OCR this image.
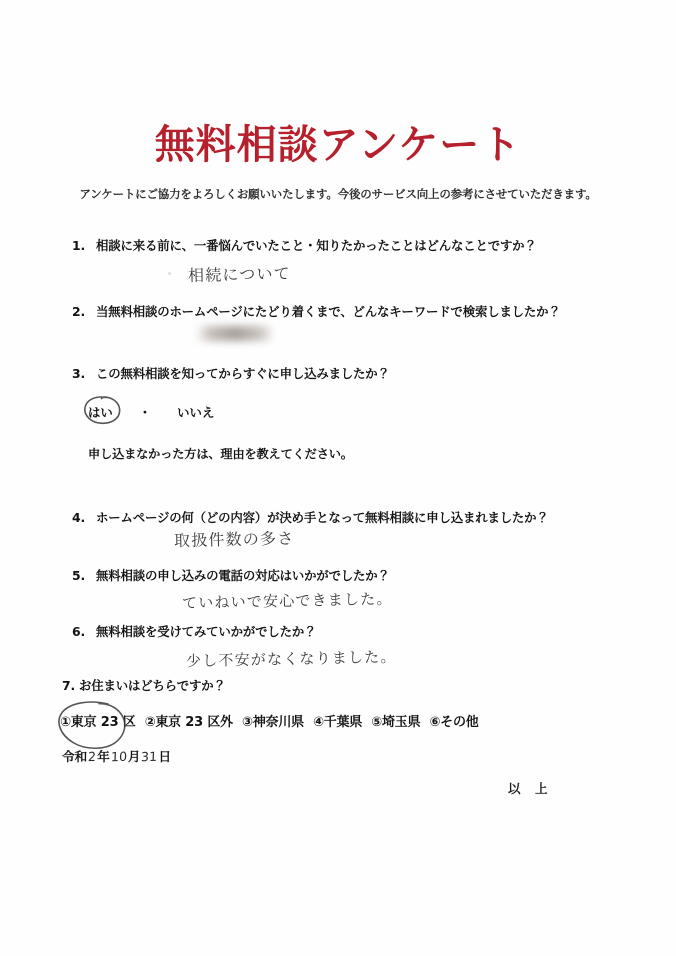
無料相談アンケート
アンケートにご協力をよろしくお願いいたします。今後のサービス向上の参考にさせていただきます。
1. 相談に来る前に、一番悩んでいたこと・知りたかったことはどんなことですか？
相続について
2. 当無料相談のホームページにたどり着くまで、どんなキーワードで検索しましたか？
3. この無料相談を知ってからすぐに申し込みましたか？
はい ・ いいえ
申し込まなかった方は、理由を教えてください。
4. ホームページの何（どの内容）が決め手となって無料相談に申し込まれましたか？
取扱件数の多さ
5. 無料相談の申し込みの電話の対応はいかがでしたか？
ていねいで安心できました。
6. 無料相談を受けてみていかがでしたか？
少し不安がなくなりました。
7. お住まいはどちらですか？
①東京 23 区 ②東京 23 区外 ③神奈川県 ④千葉県 ⑤埼玉県 ⑥その他
令和2年10月31日
以 上
